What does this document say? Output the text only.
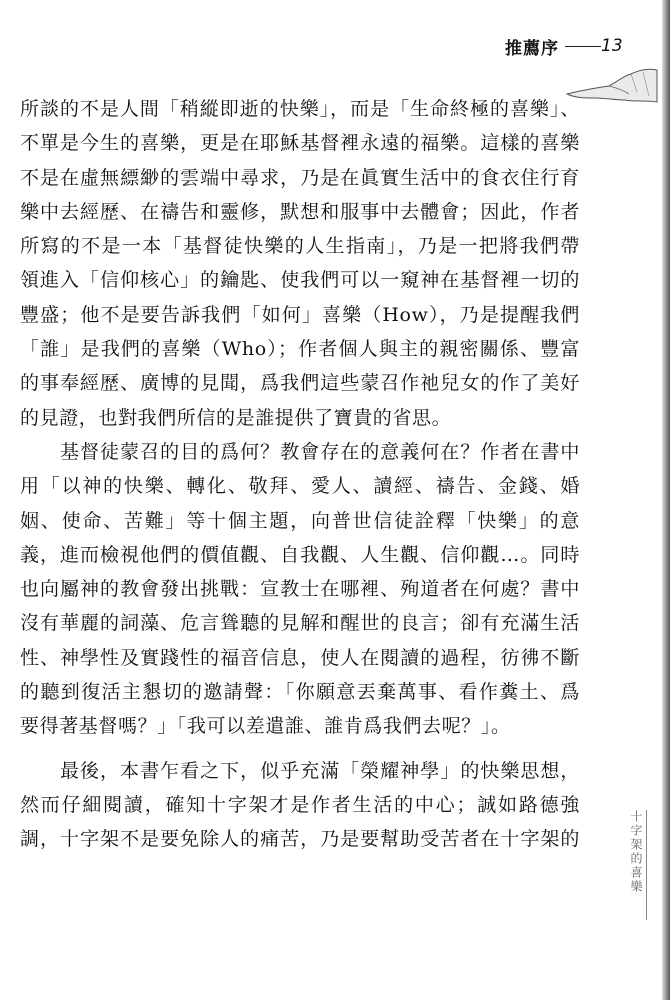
推薦序 13
所談的不是人間「稍縱即逝的快樂」，而是「生命終極的喜樂」、
不單是今生的喜樂，更是在耶穌基督裡永遠的福樂。這樣的喜樂
不是在虛無縹緲的雲端中尋求，乃是在眞實生活中的食衣住行育
樂中去經歷、在禱告和靈修，默想和服事中去體會；因此，作者
所寫的不是一本「基督徒快樂的人生指南」，乃是一把將我們帶
領進入「信仰核心」的鑰匙、使我們可以一窺神在基督裡一切的
豐盛；他不是要告訴我們「如何」喜樂（How），乃是提醒我們
「誰」是我們的喜樂（Who）；作者個人與主的親密關係、豐富
的事奉經歷、廣博的見聞，爲我們這些蒙召作祂兒女的作了美好
的見證，也對我們所信的是誰提供了寶貴的省思。
基督徒蒙召的目的爲何？教會存在的意義何在？作者在書中
用「以神的快樂、轉化、敬拜、愛人、讀經、禱告、金錢、婚
姻、使命、苦難」等十個主題，向普世信徒詮釋「快樂」的意
義，進而檢視他們的價值觀、自我觀、人生觀、信仰觀…。同時
也向屬神的教會發出挑戰：宣教士在哪裡、殉道者在何處？書中
沒有華麗的詞藻、危言聳聽的見解和醒世的良言；卻有充滿生活
性、神學性及實踐性的福音信息，使人在閱讀的過程，彷彿不斷
的聽到復活主懇切的邀請聲：「你願意丟棄萬事、看作糞土、爲
要得著基督嗎？」「我可以差遣誰、誰肯爲我們去呢？」。
最後，本書乍看之下，似乎充滿「榮耀神學」的快樂思想，
然而仔細閱讀，確知十字架才是作者生活的中心；誠如路德強
調，十字架不是要免除人的痛苦，乃是要幫助受苦者在十字架的	十字架的喜樂
